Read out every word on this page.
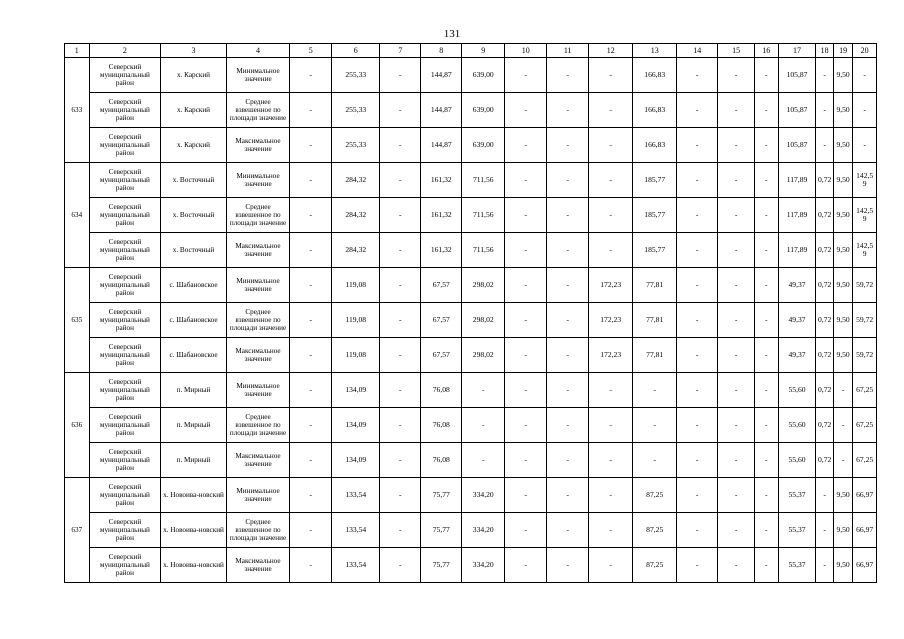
131
1	2	3	4	5	6	7	8	9	10	11	12	13	14	15	16	17	18	19	20
633	Северский муниципальный район	х. Карский	Минимальное значение	-	255,33	-	144,87	639,00	-	-	-	166,83	-	-	-	105,87	-	9,50	-
	Северский муниципальный район	х. Карский	Среднее взвешенное по площади значение	-	255,33	-	144,87	639,00	-	-	-	166,83	-	-	-	105,87	-	9,50	-
	Северский муниципальный район	х. Карский	Максимальное значение	-	255,33	-	144,87	639,00	-	-	-	166,83	-	-	-	105,87	-	9,50	-
634	Северский муниципальный район	х. Восточный	Минимальное значение	-	284,32	-	161,32	711,56	-	-	-	185,77	-	-	-	117,89	0,72	9,50	142,59
	Северский муниципальный район	х. Восточный	Среднее взвешенное по площади значение	-	284,32	-	161,32	711,56	-	-	-	185,77	-	-	-	117,89	0,72	9,50	142,59
	Северский муниципальный район	х. Восточный	Максимальное значение	-	284,32	-	161,32	711,56	-	-	-	185,77	-	-	-	117,89	0,72	9,50	142,59
635	Северский муниципальный район	с. Шабановское	Минимальное значение	-	119,08	-	67,57	298,02	-	-	172,23	77,81	-	-	-	49,37	0,72	9,50	59,72
	Северский муниципальный район	с. Шабановское	Среднее взвешенное по площади значение	-	119,08	-	67,57	298,02	-	-	172,23	77,81	-	-	-	49,37	0,72	9,50	59,72
	Северский муниципальный район	с. Шабановское	Максимальное значение	-	119,08	-	67,57	298,02	-	-	172,23	77,81	-	-	-	49,37	0,72	9,50	59,72
636	Северский муниципальный район	п. Мирный	Минимальное значение	-	134,09	-	76,08	-	-	-	-	-	-	-	-	55,60	0,72	-	67,25
	Северский муниципальный район	п. Мирный	Среднее взвешенное по площади значение	-	134,09	-	76,08	-	-	-	-	-	-	-	-	55,60	0,72	-	67,25
	Северский муниципальный район	п. Мирный	Максимальное значение	-	134,09	-	76,08	-	-	-	-	-	-	-	-	55,60	0,72	-	67,25
637	Северский муниципальный район	х. Новоива-новский	Минимальное значение	-	133,54	-	75,77	334,20	-	-	-	87,25	-	-	-	55,37	-	9,50	66,97
	Северский муниципальный район	х. Новоива-новский	Среднее взвешенное по площади значение	-	133,54	-	75,77	334,20	-	-	-	87,25	-	-	-	55,37	-	9,50	66,97
	Северский муниципальный район	х. Новоива-новский	Максимальное значение	-	133,54	-	75,77	334,20	-	-	-	87,25	-	-	-	55,37	-	9,50	66,97
